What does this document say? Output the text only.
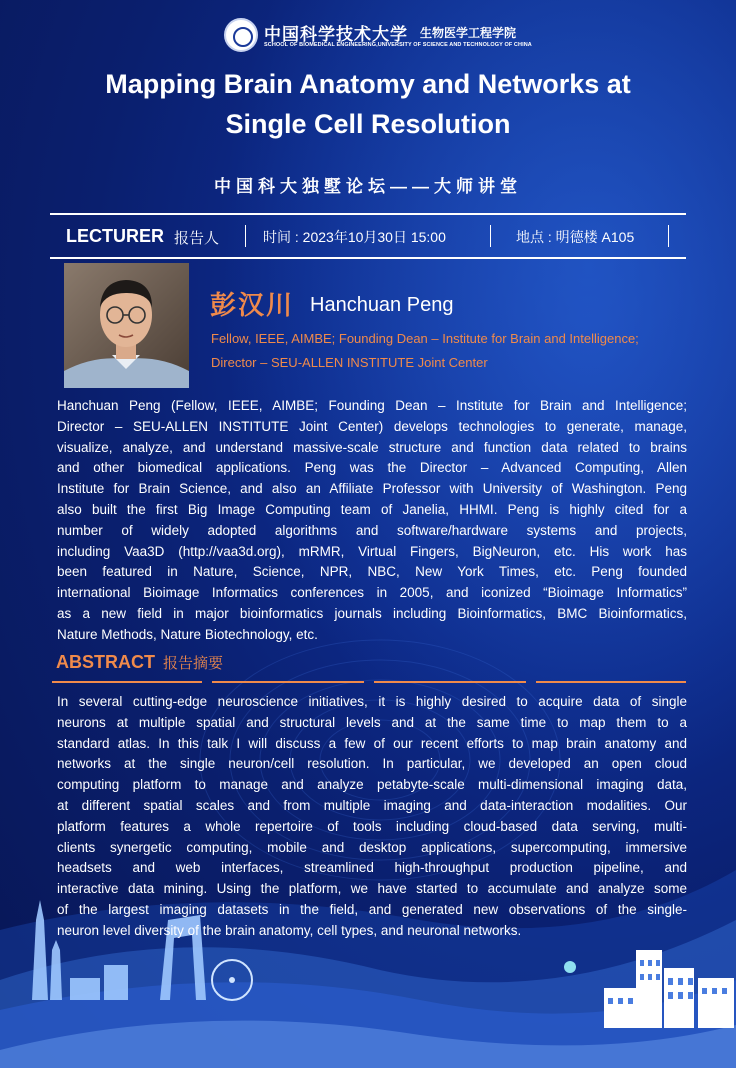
中国科学技术大学 生物医学工程学院
SCHOOL OF BIOMEDICAL ENGINEERING,UNIVERSITY OF SCIENCE AND TECHNOLOGY OF CHINA
Mapping Brain Anatomy and Networks at
Single Cell Resolution
中国科大独墅论坛——大师讲堂
LECTURER 报告人	时间 : 2023年10月30日 15:00	地点 : 明德楼 A105
彭汉川 Hanchuan Peng
Fellow, IEEE, AIMBE; Founding Dean – Institute for Brain and Intelligence;
Director – SEU-ALLEN INSTITUTE Joint Center
Hanchuan Peng (Fellow, IEEE, AIMBE; Founding Dean – Institute for Brain and Intelligence;
Director – SEU-ALLEN INSTITUTE Joint Center) develops technologies to generate, manage,
visualize, analyze, and understand massive-scale structure and function data related to brains
and other biomedical applications. Peng was the Director – Advanced Computing, Allen
Institute for Brain Science, and also an Affiliate Professor with University of Washington. Peng
also built the first Big Image Computing team of Janelia, HHMI. Peng is highly cited for a
number of widely adopted algorithms and software/hardware systems and projects,
including Vaa3D (http://vaa3d.org), mRMR, Virtual Fingers, BigNeuron, etc. His work has
been featured in Nature, Science, NPR, NBC, New York Times, etc. Peng founded
international Bioimage Informatics conferences in 2005, and iconized “Bioimage Informatics”
as a new field in major bioinformatics journals including Bioinformatics, BMC Bioinformatics,
Nature Methods, Nature Biotechnology, etc.
ABSTRACT 报告摘要
In several cutting-edge neuroscience initiatives, it is highly desired to acquire data of single
neurons at multiple spatial and structural levels and at the same time to map them to a
standard atlas. In this talk I will discuss a few of our recent efforts to map brain anatomy and
networks at the single neuron/cell resolution. In particular, we developed an open cloud
computing platform to manage and analyze petabyte-scale multi-dimensional imaging data,
at different spatial scales and from multiple imaging and data-interaction modalities. Our
platform features a whole repertoire of tools including cloud-based data serving, multi-
clients synergetic computing, mobile and desktop applications, supercomputing, immersive
headsets and web interfaces, streamlined high-throughput production pipeline, and
interactive data mining. Using the platform, we have started to accumulate and analyze some
of the largest imaging datasets in the field, and generated new observations of the single-
neuron level diversity of the brain anatomy, cell types, and neuronal networks.
